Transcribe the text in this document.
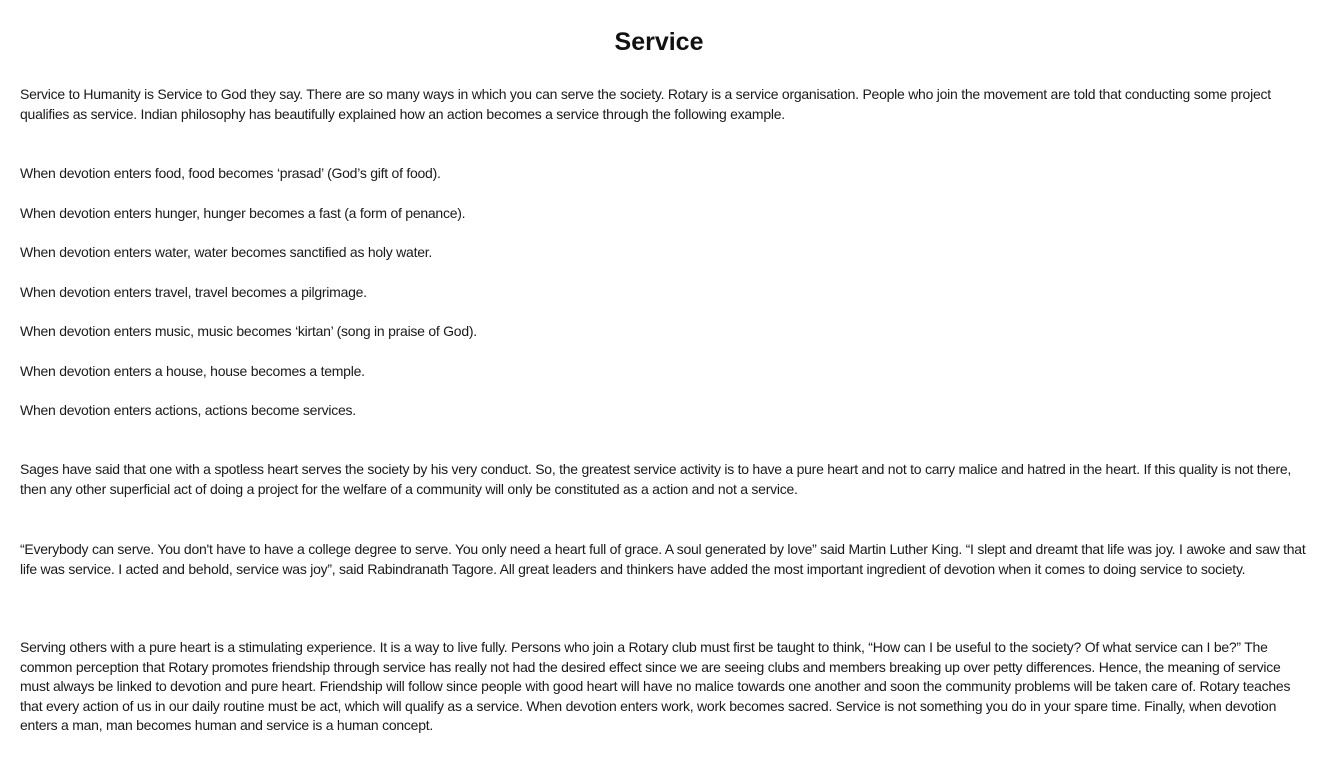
Service

Service to Humanity is Service to God they say. There are so many ways in which you can serve the society. Rotary is a service organisation. People who join the movement are told that conducting some project qualifies as service. Indian philosophy has beautifully explained how an action becomes a service through the following example.

When devotion enters food, food becomes ‘prasad’ (God’s gift of food).

When devotion enters hunger, hunger becomes a fast (a form of penance).

When devotion enters water, water becomes sanctified as holy water.

When devotion enters travel, travel becomes a pilgrimage.

When devotion enters music, music becomes ‘kirtan’ (song in praise of God).

When devotion enters a house, house becomes a temple.

When devotion enters actions, actions become services.

Sages have said that one with a spotless heart serves the society by his very conduct. So, the greatest service activity is to have a pure heart and not to carry malice and hatred in the heart. If this quality is not there, then any other superficial act of doing a project for the welfare of a community will only be constituted as a action and not a service.

“Everybody can serve. You don't have to have a college degree to serve. You only need a heart full of grace. A soul generated by love” said Martin Luther King. “I slept and dreamt that life was joy. I awoke and saw that life was service. I acted and behold, service was joy”, said Rabindranath Tagore. All great leaders and thinkers have added the most important ingredient of devotion when it comes to doing service to society.

Serving others with a pure heart is a stimulating experience. It is a way to live fully. Persons who join a Rotary club must first be taught to think, “How can I be useful to the society? Of what service can I be?” The common perception that Rotary promotes friendship through service has really not had the desired effect since we are seeing clubs and members breaking up over petty differences. Hence, the meaning of service must always be linked to devotion and pure heart. Friendship will follow since people with good heart will have no malice towards one another and soon the community problems will be taken care of. Rotary teaches that every action of us in our daily routine must be act, which will qualify as a service. When devotion enters work, work becomes sacred. Service is not something you do in your spare time. Finally, when devotion enters a man, man becomes human and service is a human concept.
